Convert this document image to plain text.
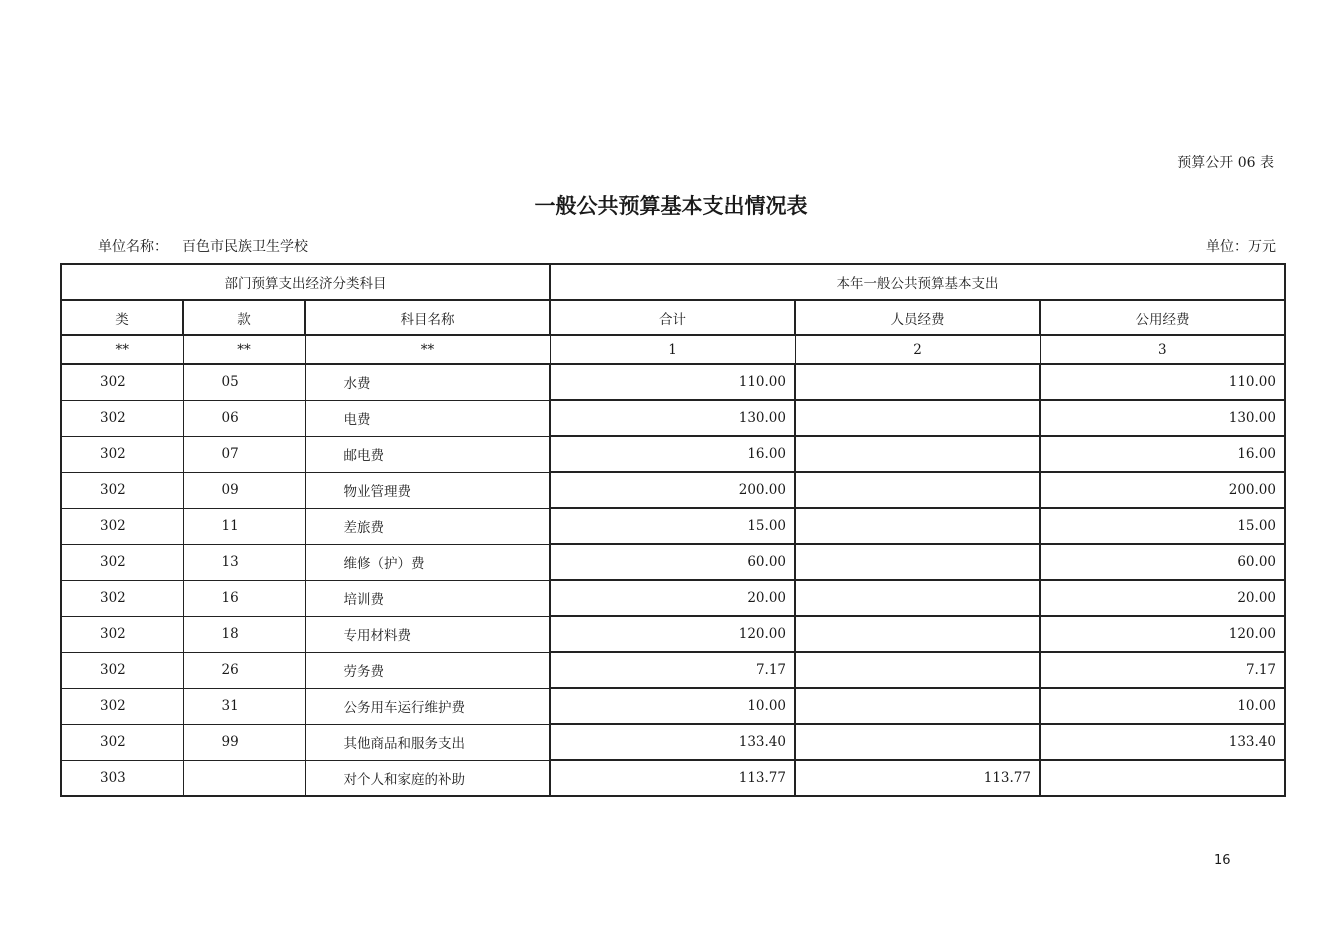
预算公开 06 表
一般公共预算基本支出情况表
单位名称： 百色市民族卫生学校	单位：万元
部门预算支出经济分类科目			本年一般公共预算基本支出		
类	款	科目名称	合计	人员经费	公用经费
**	**	**	1	2	3
302	05	水费	110.00		110.00
302	06	电费	130.00		130.00
302	07	邮电费	16.00		16.00
302	09	物业管理费	200.00		200.00
302	11	差旅费	15.00		15.00
302	13	维修（护）费	60.00		60.00
302	16	培训费	20.00		20.00
302	18	专用材料费	120.00		120.00
302	26	劳务费	7.17		7.17
302	31	公务用车运行维护费	10.00		10.00
302	99	其他商品和服务支出	133.40		133.40
303		对个人和家庭的补助	113.77	113.77	
16
